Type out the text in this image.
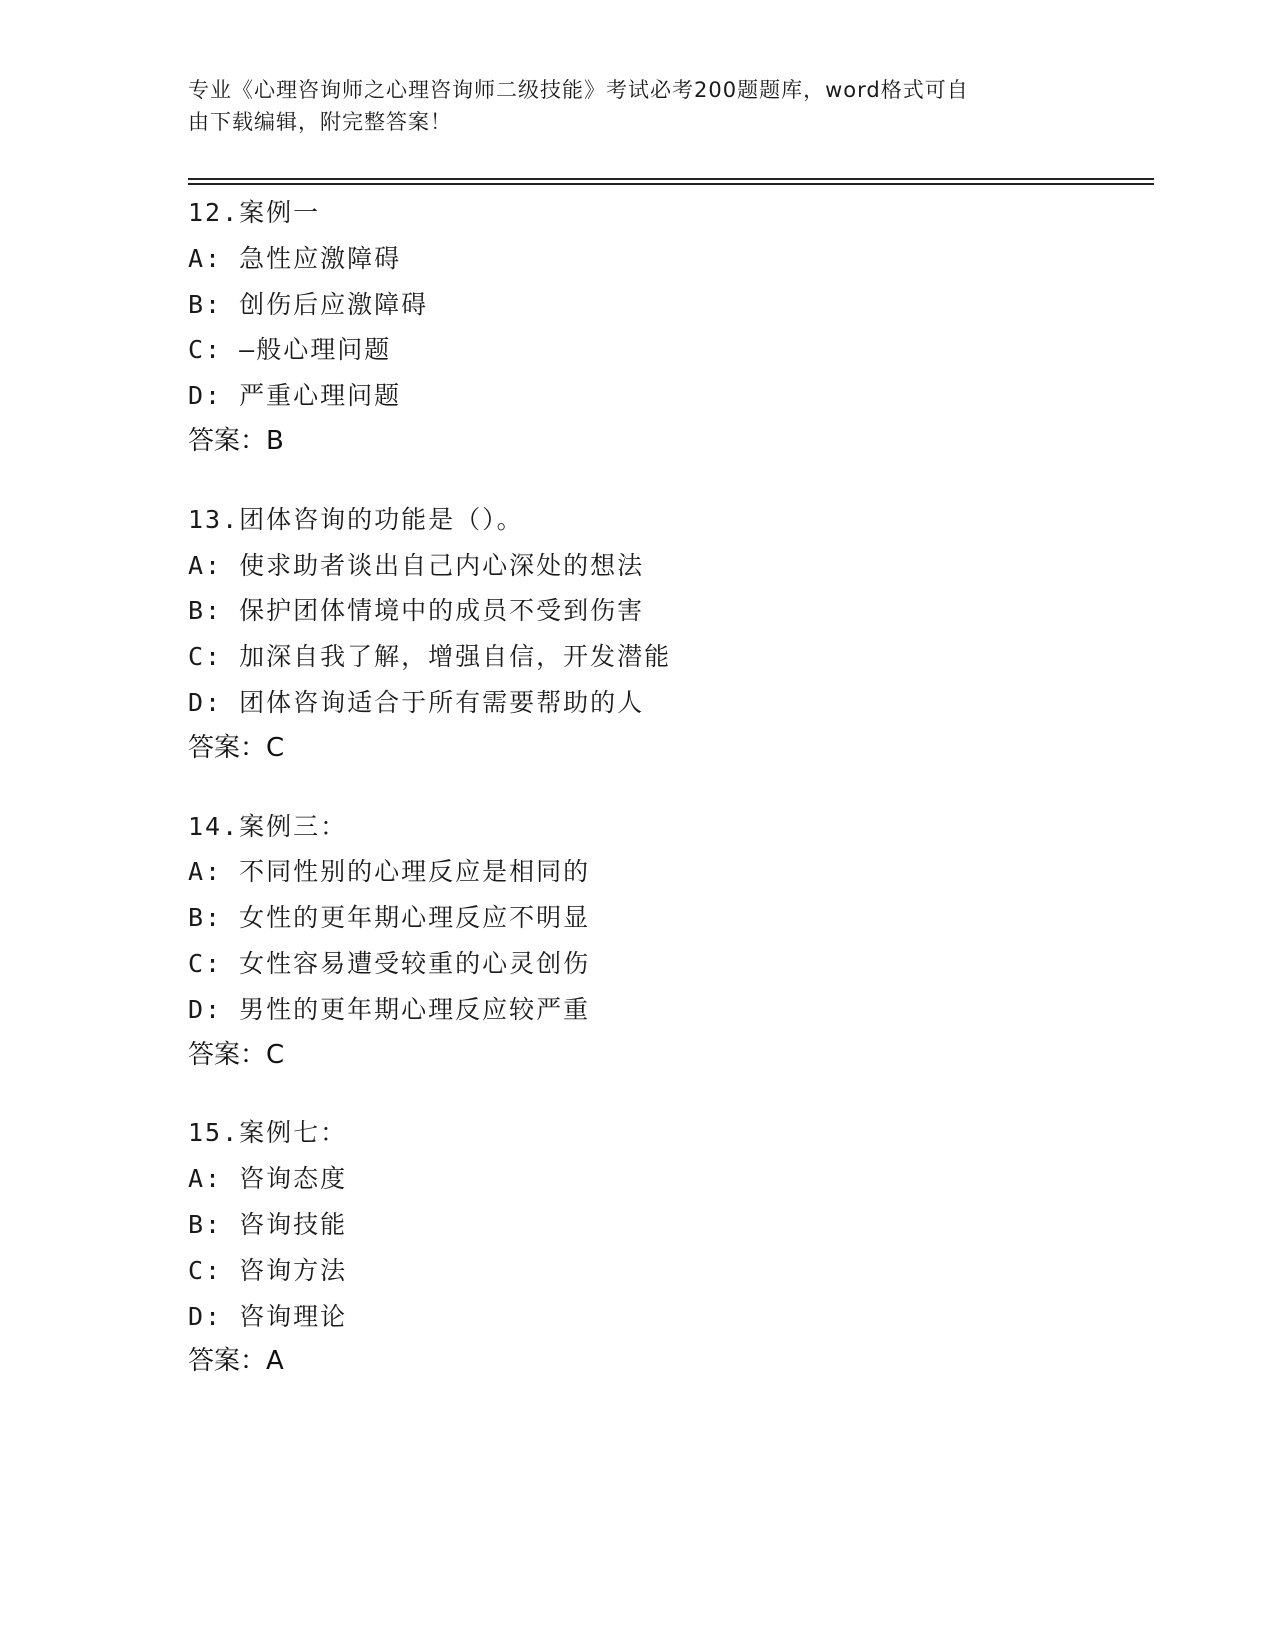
专业《心理咨询师之心理咨询师二级技能》考试必考200题题库，word格式可自
由下载编辑，附完整答案！
12.案例一
A: 急性应激障碍
B: 创伤后应激障碍
C: —般心理问题
D: 严重心理问题
答案：B
13.团体咨询的功能是（）。
A: 使求助者谈出自己内心深处的想法
B: 保护团体情境中的成员不受到伤害
C: 加深自我了解，增强自信，开发潜能
D: 团体咨询适合于所有需要帮助的人
答案：C
14.案例三：
A: 不同性别的心理反应是相同的
B: 女性的更年期心理反应不明显
C: 女性容易遭受较重的心灵创伤
D: 男性的更年期心理反应较严重
答案：C
15.案例七：
A: 咨询态度
B: 咨询技能
C: 咨询方法
D: 咨询理论
答案：A
